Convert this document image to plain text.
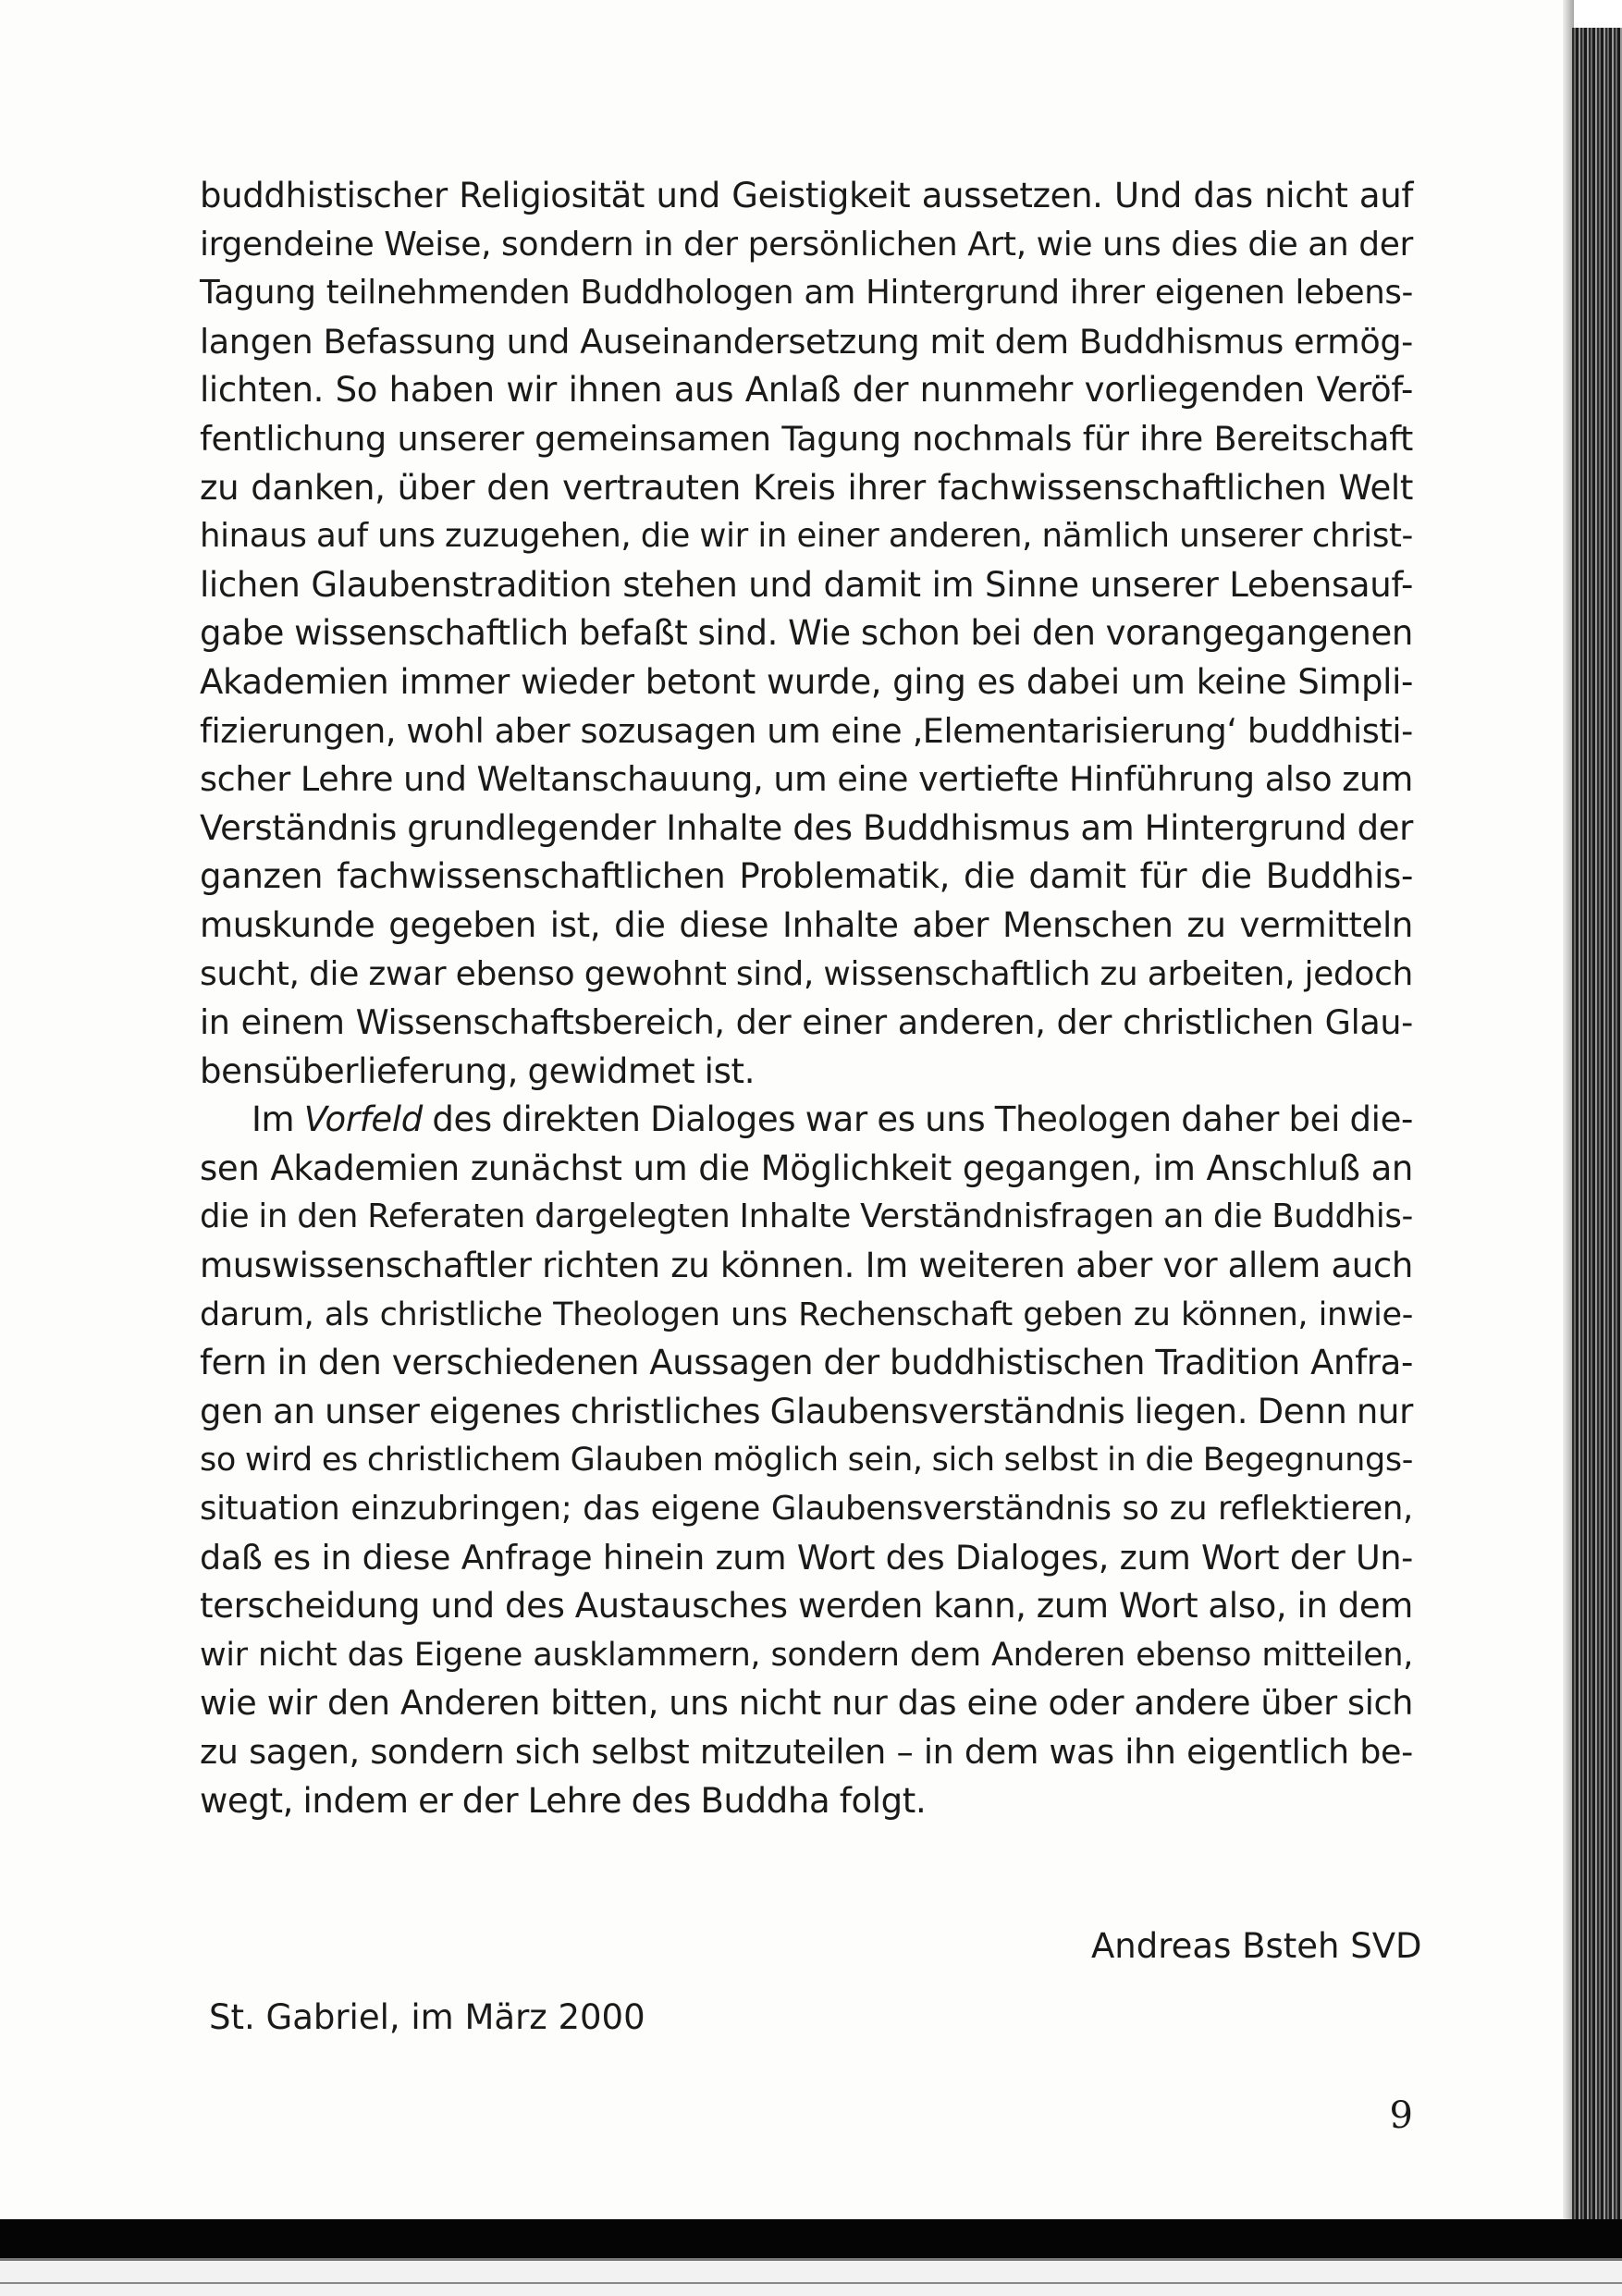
buddhistischer Religiosität und Geistigkeit aussetzen. Und das nicht auf
irgendeine Weise, sondern in der persönlichen Art, wie uns dies die an der
Tagung teilnehmenden Buddhologen am Hintergrund ihrer eigenen lebens-
langen Befassung und Auseinandersetzung mit dem Buddhismus ermög-
lichten. So haben wir ihnen aus Anlaß der nunmehr vorliegenden Veröf-
fentlichung unserer gemeinsamen Tagung nochmals für ihre Bereitschaft
zu danken, über den vertrauten Kreis ihrer fachwissenschaftlichen Welt
hinaus auf uns zuzugehen, die wir in einer anderen, nämlich unserer christ-
lichen Glaubenstradition stehen und damit im Sinne unserer Lebensauf-
gabe wissenschaftlich befaßt sind. Wie schon bei den vorangegangenen
Akademien immer wieder betont wurde, ging es dabei um keine Simpli-
fizierungen, wohl aber sozusagen um eine ‚Elementarisierung‘ buddhisti-
scher Lehre und Weltanschauung, um eine vertiefte Hinführung also zum
Verständnis grundlegender Inhalte des Buddhismus am Hintergrund der
ganzen fachwissenschaftlichen Problematik, die damit für die Buddhis-
muskunde gegeben ist, die diese Inhalte aber Menschen zu vermitteln
sucht, die zwar ebenso gewohnt sind, wissenschaftlich zu arbeiten, jedoch
in einem Wissenschaftsbereich, der einer anderen, der christlichen Glau-
bensüberlieferung, gewidmet ist.
Im Vorfeld des direkten Dialoges war es uns Theologen daher bei die-
sen Akademien zunächst um die Möglichkeit gegangen, im Anschluß an
die in den Referaten dargelegten Inhalte Verständnisfragen an die Buddhis-
muswissenschaftler richten zu können. Im weiteren aber vor allem auch
darum, als christliche Theologen uns Rechenschaft geben zu können, inwie-
fern in den verschiedenen Aussagen der buddhistischen Tradition Anfra-
gen an unser eigenes christliches Glaubensverständnis liegen. Denn nur
so wird es christlichem Glauben möglich sein, sich selbst in die Begegnungs-
situation einzubringen; das eigene Glaubensverständnis so zu reflektieren,
daß es in diese Anfrage hinein zum Wort des Dialoges, zum Wort der Un-
terscheidung und des Austausches werden kann, zum Wort also, in dem
wir nicht das Eigene ausklammern, sondern dem Anderen ebenso mitteilen,
wie wir den Anderen bitten, uns nicht nur das eine oder andere über sich
zu sagen, sondern sich selbst mitzuteilen – in dem was ihn eigentlich be-
wegt, indem er der Lehre des Buddha folgt.
Andreas Bsteh SVD
St. Gabriel, im März 2000
9
